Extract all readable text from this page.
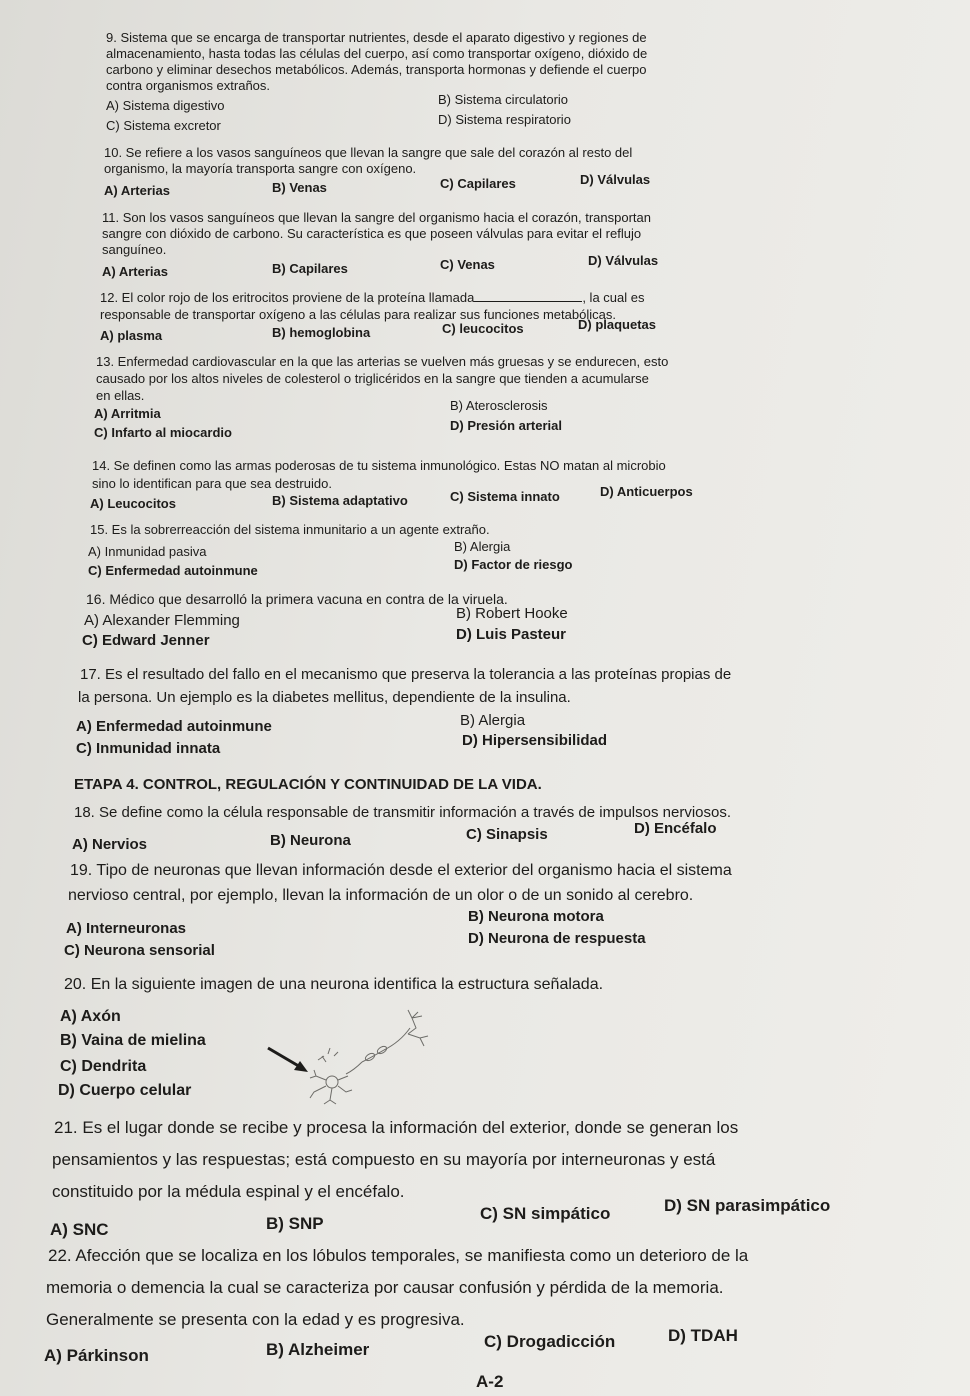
9. Sistema que se encarga de transportar nutrientes, desde el aparato digestivo y regiones de
almacenamiento, hasta todas las células del cuerpo, así como transportar oxígeno, dióxido de
carbono y eliminar desechos metabólicos. Además, transporta hormonas y defiende el cuerpo
contra organismos extraños.
A) Sistema digestivo	B) Sistema circulatorio
C) Sistema excretor	D) Sistema respiratorio
10. Se refiere a los vasos sanguíneos que llevan la sangre que sale del corazón al resto del
organismo, la mayoría transporta sangre con oxígeno.
A) Arterias	B) Venas	C) Capilares	D) Válvulas
11. Son los vasos sanguíneos que llevan la sangre del organismo hacia el corazón, transportan
sangre con dióxido de carbono. Su característica es que poseen válvulas para evitar el reflujo
sanguíneo.
A) Arterias	B) Capilares	C) Venas	D) Válvulas
12. El color rojo de los eritrocitos proviene de la proteína llamada	, la cual es
responsable de transportar oxígeno a las células para realizar sus funciones metabólicas.
A) plasma	B) hemoglobina	C) leucocitos	D) plaquetas
13. Enfermedad cardiovascular en la que las arterias se vuelven más gruesas y se endurecen, esto
causado por los altos niveles de colesterol o triglicéridos en la sangre que tienden a acumularse
en ellas.
A) Arritmia
B) Aterosclerosis
C) Infarto al miocardio	D) Presión arterial
14. Se definen como las armas poderosas de tu sistema inmunológico. Estas NO matan al microbio
sino lo identifican para que sea destruido.
A) Leucocitos	B) Sistema adaptativo	C) Sistema innato	D) Anticuerpos
15. Es la sobrerreacción del sistema inmunitario a un agente extraño.
A) Inmunidad pasiva	B) Alergia
C) Enfermedad autoinmune	D) Factor de riesgo
16. Médico que desarrolló la primera vacuna en contra de la viruela.
A) Alexander Flemming	B) Robert Hooke
C) Edward Jenner	D) Luis Pasteur
17. Es el resultado del fallo en el mecanismo que preserva la tolerancia a las proteínas propias de
la persona. Un ejemplo es la diabetes mellitus, dependiente de la insulina.
A) Enfermedad autoinmune	B) Alergia
C) Inmunidad innata	D) Hipersensibilidad
ETAPA 4. CONTROL, REGULACIÓN Y CONTINUIDAD DE LA VIDA.
18. Se define como la célula responsable de transmitir información a través de impulsos nerviosos.
A) Nervios	B) Neurona	C) Sinapsis	D) Encéfalo
19. Tipo de neuronas que llevan información desde el exterior del organismo hacia el sistema
nervioso central, por ejemplo, llevan la información de un olor o de un sonido al cerebro.
A) Interneuronas
B) Neurona motora
C) Neurona sensorial
D) Neurona de respuesta
20. En la siguiente imagen de una neurona identifica la estructura señalada.
A) Axón
B) Vaina de mielina
C) Dendrita
D) Cuerpo celular
21. Es el lugar donde se recibe y procesa la información del exterior, donde se generan los
pensamientos y las respuestas; está compuesto en su mayoría por interneuronas y está
constituido por la médula espinal y el encéfalo.
A) SNC	B) SNP
C) SN simpático	D) SN parasimpático
22. Afección que se localiza en los lóbulos temporales, se manifiesta como un deterioro de la
memoria o demencia la cual se caracteriza por causar confusión y pérdida de la memoria.
Generalmente se presenta con la edad y es progresiva.
A) Párkinson	B) Alzheimer	C) Drogadicción	D) TDAH
A-2
